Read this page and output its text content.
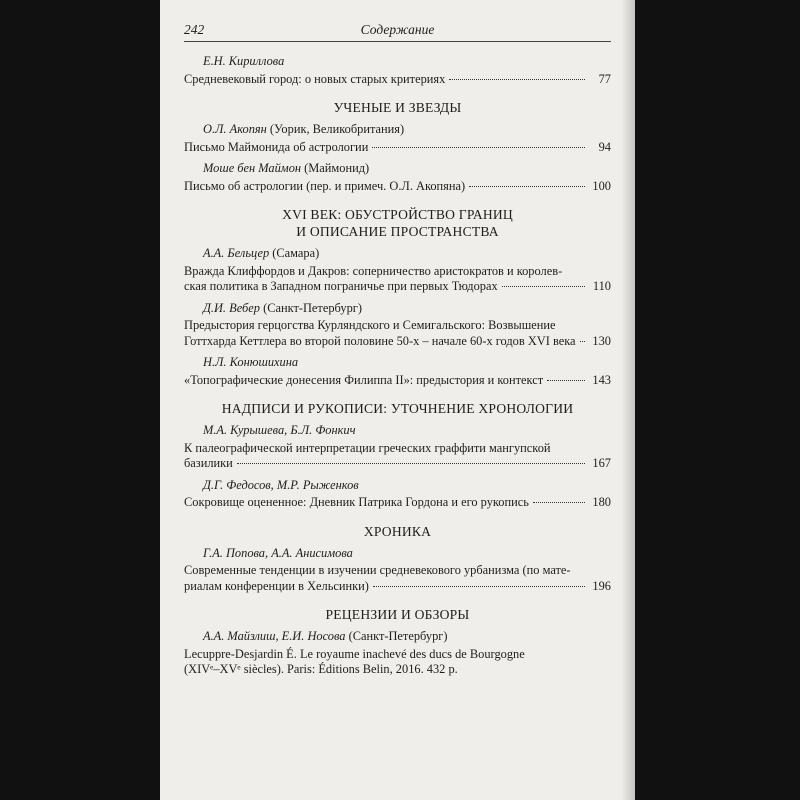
242	Содержание
Е.Н. Кириллова
Средневековый город: о новых старых критериях	77
УЧЕНЫЕ И ЗВЕЗДЫ
О.Л. Акопян (Уорик, Великобритания)
Письмо Маймонида об астрологии	94
Моше бен Маймон (Маймонид)
Письмо об астрологии (пер. и примеч. О.Л. Акопяна)	100
XVI ВЕК: ОБУСТРОЙСТВО ГРАНИЦ
И ОПИСАНИЕ ПРОСТРАНСТВА
А.А. Бельцер (Самара)
Вражда Клиффордов и Дакров: соперничество аристократов и королев-
ская политика в Западном пограничье при первых Тюдорах	110
Д.И. Вебер (Санкт-Петербург)
Предыстория герцогства Курляндского и Семигальского: Возвышение
Готтхарда Кеттлера во второй половине 50-х – начале 60-х годов XVI века 130
Н.Л. Конюшихина
«Топографические донесения Филиппа II»: предыстория и контекст	143
НАДПИСИ И РУКОПИСИ: УТОЧНЕНИЕ ХРОНОЛОГИИ
М.А. Курышева, Б.Л. Фонкич
К палеографической интерпретации греческих граффити мангупской
базилики	167
Д.Г. Федосов, М.Р. Рыженков
Сокровище оцененное: Дневник Патрика Гордона и его рукопись	180
ХРОНИКА
Г.А. Попова, А.А. Анисимова
Современные тенденции в изучении средневекового урбанизма (по мате-
риалам конференции в Хельсинки)	196
РЕЦЕНЗИИ И ОБЗОРЫ
А.А. Майзлиш, Е.И. Носова (Санкт-Петербург)
Lecuppre-Desjardin É. Le royaume inachevé des ducs de Bourgogne
(XIVᵉ–XVᵉ siècles). Paris: Éditions Belin, 2016. 432 p.
